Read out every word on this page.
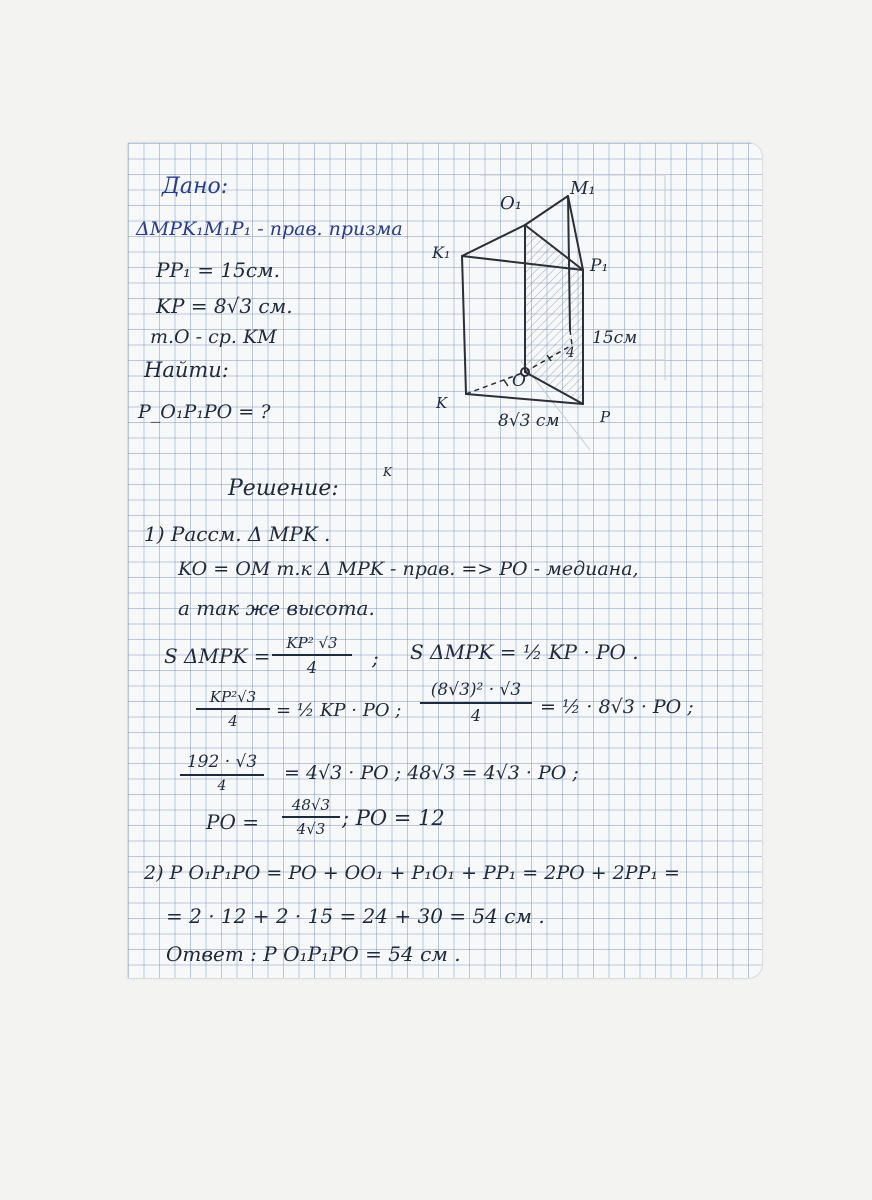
Дано:
ΔMPK₁M₁P₁ - прав. призма
PP₁ = 15см.
KP = 8√3 см.
т.O - ср. KM
Найти:
P_O₁P₁PO = ?
O₁
M₁
K₁
P₁
15см
4
O
K
P
8√3 см
K
Решение:
1) Рассм. Δ MPK .
KO = OM т.к Δ MPK - прав. => PO - медиана,
а так же высота.
S ΔMPK =
KP² √3
4	; S ΔMPK = ½ KP · PO .
KP²√3
4	= ½ KP · PO ;
(8√3)² · √3
4	= ½ · 8√3 · PO ;
192 · √3
4
= 4√3 · PO ; 48√3 = 4√3 · PO ;
PO =
48√3
4√3 ; PO = 12
2) P O₁P₁PO = PO + OO₁ + P₁O₁ + PP₁ = 2PO + 2PP₁ =
= 2 · 12 + 2 · 15 = 24 + 30 = 54 см .
Ответ : P O₁P₁PO = 54 см .
